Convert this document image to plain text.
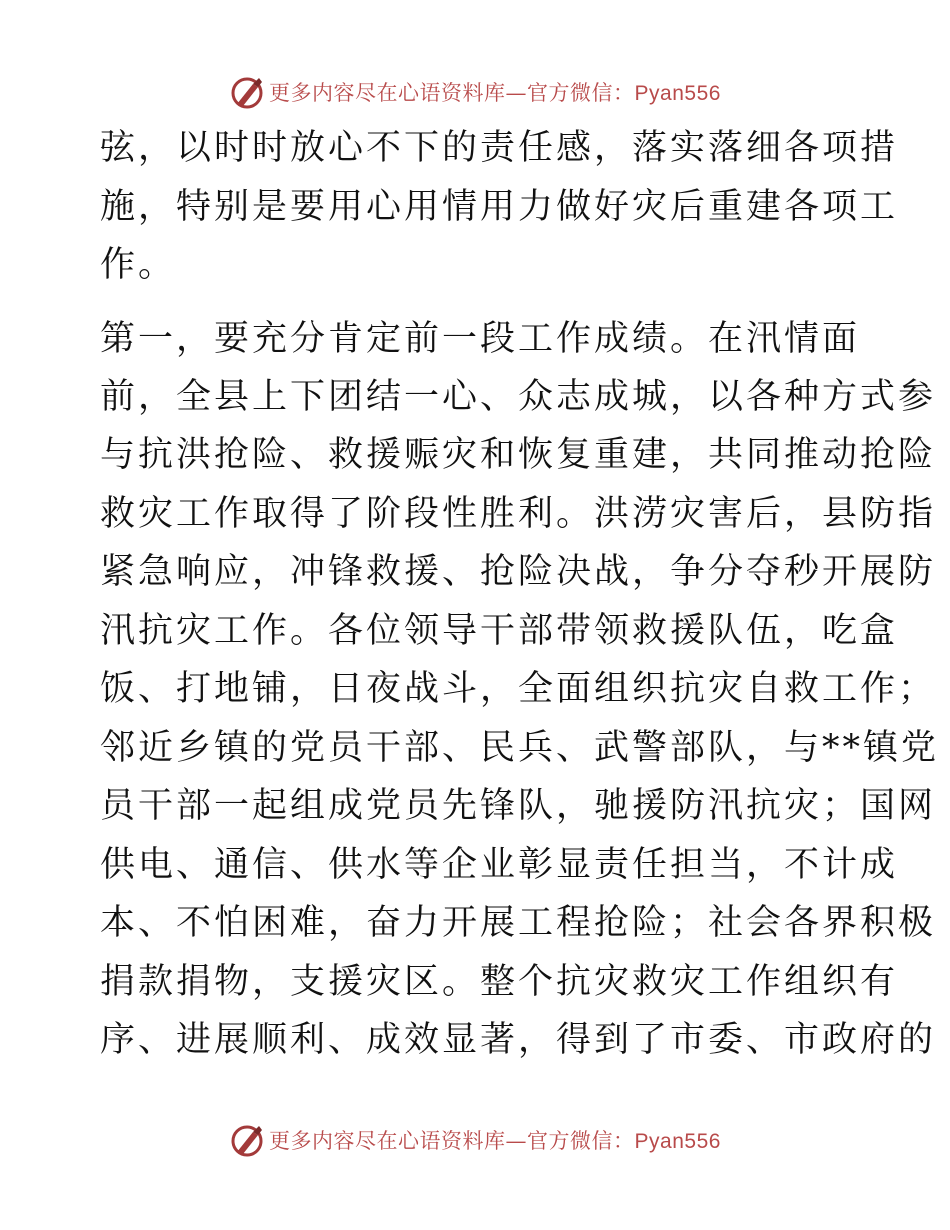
更多内容尽在心语资料库—官方微信：Pyan556
弦，以时时放心不下的责任感，落实落细各项措
施，特别是要用心用情用力做好灾后重建各项工
作。
第一，要充分肯定前一段工作成绩。在汛情面
前，全县上下团结一心、众志成城，以各种方式参
与抗洪抢险、救援赈灾和恢复重建，共同推动抢险
救灾工作取得了阶段性胜利。洪涝灾害后，县防指
紧急响应，冲锋救援、抢险决战，争分夺秒开展防
汛抗灾工作。各位领导干部带领救援队伍，吃盒
饭、打地铺，日夜战斗，全面组织抗灾自救工作；
邻近乡镇的党员干部、民兵、武警部队，与**镇党
员干部一起组成党员先锋队，驰援防汛抗灾；国网
供电、通信、供水等企业彰显责任担当，不计成
本、不怕困难，奋力开展工程抢险；社会各界积极
捐款捐物，支援灾区。整个抗灾救灾工作组织有
序、进展顺利、成效显著，得到了市委、市政府的
更多内容尽在心语资料库—官方微信：Pyan556
